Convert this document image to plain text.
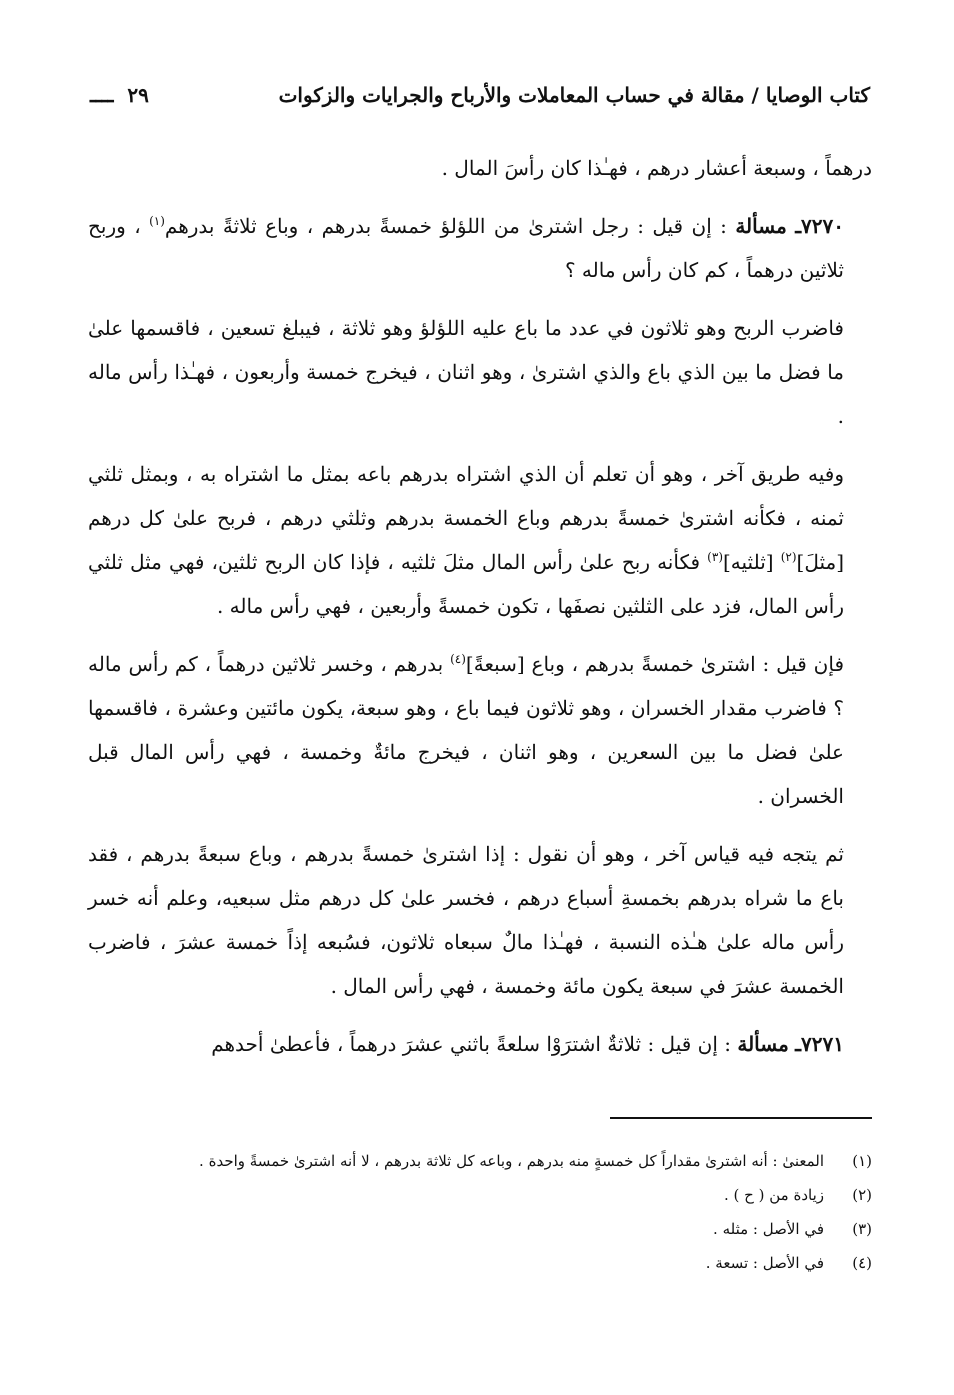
كتاب الوصايا / مقالة في حساب المعاملات والأرباح والجرايات والزكوات
٢٩  ــــ

درهماً ، وسبعة أعشار درهم ، فهـٰذا كان رأسَ المال .

٧٢٧٠ـ مسألة : إن قيل : رجل اشترىٰ من اللؤلؤ خمسةً بدرهم ، وباع ثلاثةً بدرهم$^{(١)}$ ، وربح ثلاثين درهماً ، كم كان رأس ماله ؟

فاضرب الربح وهو ثلاثون في عدد ما باع عليه اللؤلؤ وهو ثلاثة ، فيبلغ تسعين ، فاقسمها علىٰ ما فضل ما بين الذي باع والذي اشترىٰ ، وهو اثنان ، فيخرج خمسة وأربعون ، فهـٰذا رأس ماله .

وفيه طريق آخر ، وهو أن تعلم أن الذي اشتراه بدرهم باعه بمثل ما اشتراه به ، وبمثل ثلثي ثمنه ، فكأنه اشترىٰ خمسةً بدرهم وباع الخمسة بدرهم وثلثي درهم ، فربح علىٰ كل درهم [مثلَ]$^{(٢)}$ [ثلثيه]$^{(٣)}$ فكأنه ربح علىٰ رأس المال مثلَ ثلثيه ، فإذا كان الربح ثلثين، فهي مثل ثلثي رأس المال، فزد على الثلثين نصفَها ، تكون خمسةً وأربعين ، فهي رأس ماله .

فإن قيل : اشترىٰ خمسةً بدرهم ، وباع [سبعةً]$^{(٤)}$ بدرهم ، وخسر ثلاثين درهماً ، كم رأس ماله ؟ فاضرب مقدار الخسران ، وهو ثلاثون فيما باع ، وهو سبعة، يكون مائتين وعشرة ، فاقسمها علىٰ فضل ما بين السعرين ، وهو اثنان ، فيخرج مائةٌ وخمسة ، فهي رأس المال قبل الخسران .

ثم يتجه فيه قياس آخر ، وهو أن نقول : إذا اشترىٰ خمسةً بدرهم ، وباع سبعةً بدرهم ، فقد باع ما شراه بدرهم بخمسةِ أسباع درهم ، فخسر علىٰ كل درهم مثل سبعيه، وعلم أنه خسر رأس ماله علىٰ هـٰذه النسبة ، فهـٰذا مالٌ سبعاه ثلاثون، فسُبعه إذاً خمسة عشرَ ، فاضرب الخمسة عشرَ في سبعة يكون مائة وخمسة ، فهي رأس المال .

٧٢٧١ـ مسألة : إن قيل : ثلاثةٌ اشترَوْا سلعةً باثني عشرَ درهماً ، فأعطىٰ أحدهم

(١)
المعنىٰ : أنه اشترىٰ مقداراً كل خمسةٍ منه بدرهم ، وباعه كل ثلاثة بدرهم ، لا أنه اشترىٰ خمسةً واحدة .
(٢)
زيادة من ( ح ) .
(٣)
في الأصل : مثله .
(٤)
في الأصل : تسعة .
